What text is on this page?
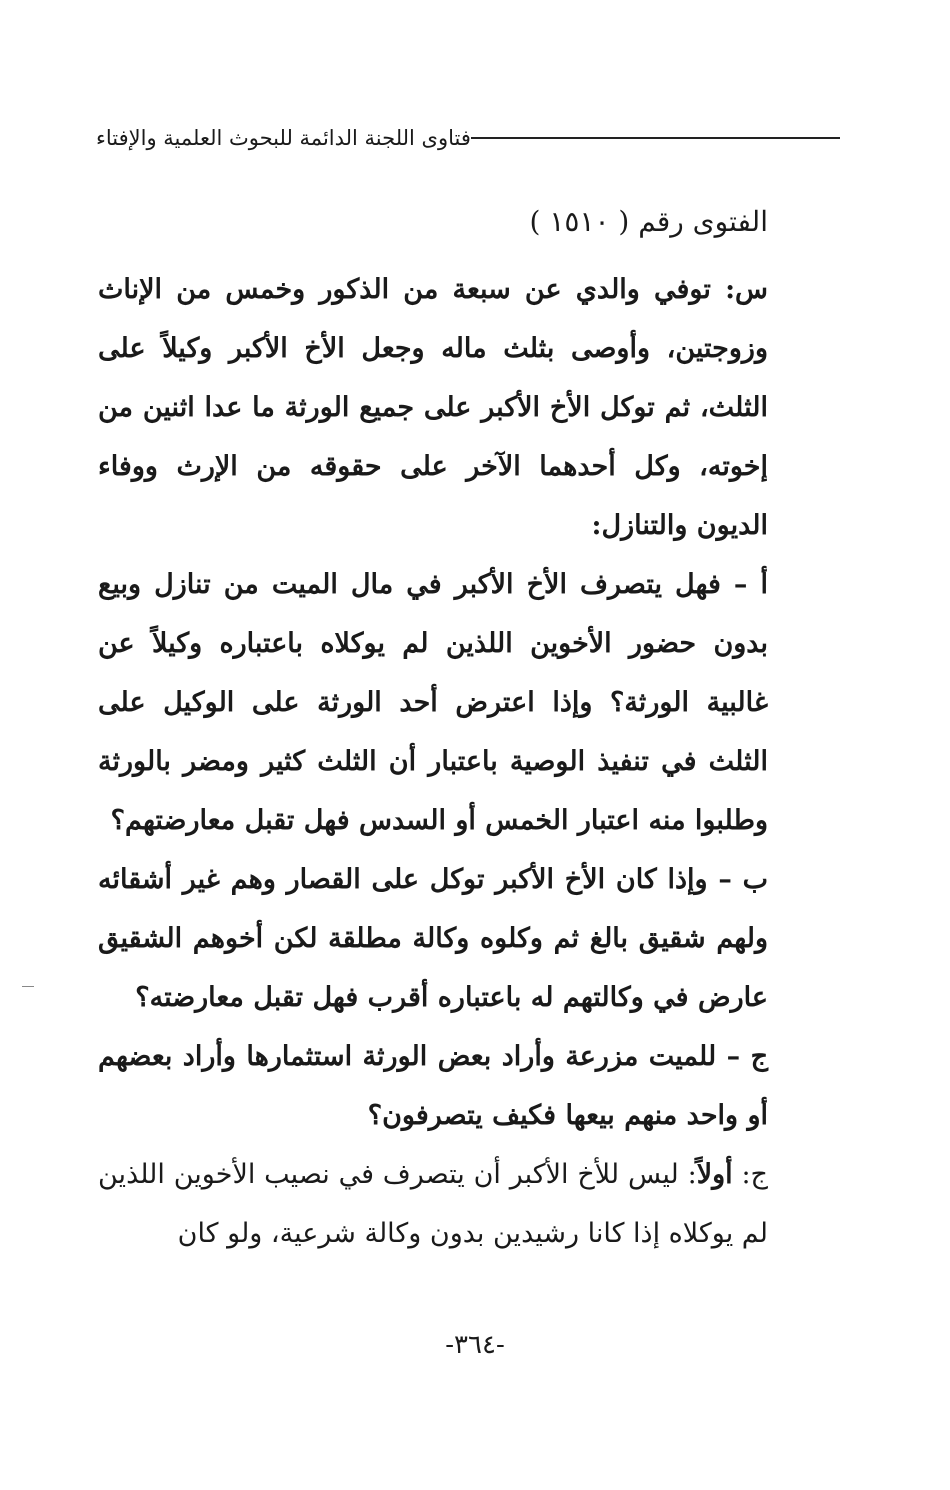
فتاوى اللجنة الدائمة للبحوث العلمية والإفتاء

الفتوى رقم ( ١٥١٠ )

س: توفي والدي عن سبعة من الذكور وخمس من الإناث وزوجتين، وأوصى بثلث ماله وجعل الأخ الأكبر وكيلاً على الثلث، ثم توكل الأخ الأكبر على جميع الورثة ما عدا اثنين من إخوته، وكل أحدهما الآخر على حقوقه من الإرث ووفاء الديون والتنازل:

أ – فهل يتصرف الأخ الأكبر في مال الميت من تنازل وبيع بدون حضور الأخوين اللذين لم يوكلاه باعتباره وكيلاً عن غالبية الورثة؟ وإذا اعترض أحد الورثة على الوكيل على الثلث في تنفيذ الوصية باعتبار أن الثلث كثير ومضر بالورثة وطلبوا منه اعتبار الخمس أو السدس فهل تقبل معارضتهم؟

ب – وإذا كان الأخ الأكبر توكل على القصار وهم غير أشقائه ولهم شقيق بالغ ثم وكلوه وكالة مطلقة لكن أخوهم الشقيق عارض في وكالتهم له باعتباره أقرب فهل تقبل معارضته؟

ج – للميت مزرعة وأراد بعض الورثة استثمارها وأراد بعضهم أو واحد منهم بيعها فكيف يتصرفون؟

ج: أولاً: ليس للأخ الأكبر أن يتصرف في نصيب الأخوين اللذين لم يوكلاه إذا كانا رشيدين بدون وكالة شرعية، ولو كان

-٣٦٤-
